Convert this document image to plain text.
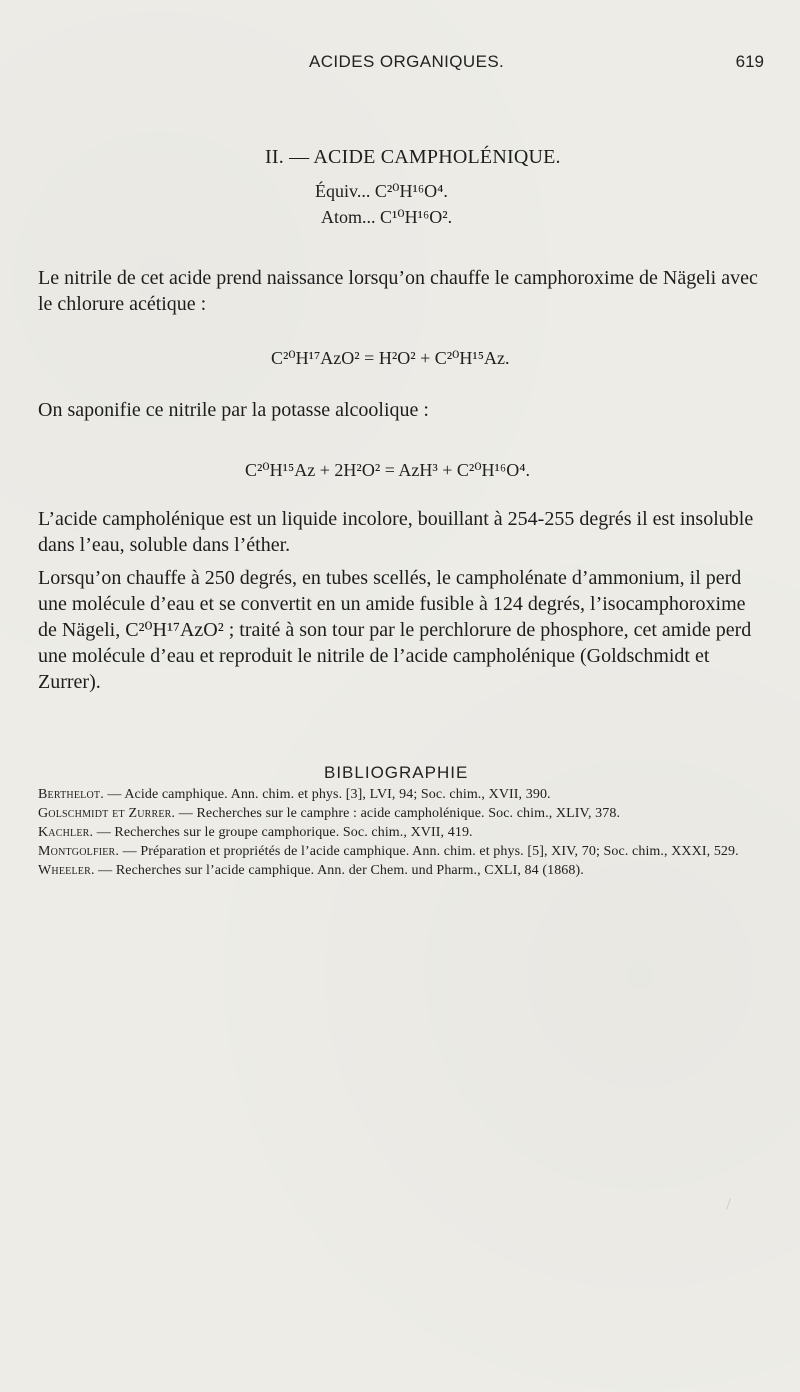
ACIDES ORGANIQUES.	619
II. — ACIDE CAMPHOLÉNIQUE.
Équiv... C²⁰H¹⁶O⁴.
Atom... C¹⁰H¹⁶O².
Le nitrile de cet acide prend naissance lorsqu’on chauffe le camphoroxime de Nägeli avec le chlorure acétique :
C²⁰H¹⁷AzO² = H²O² + C²⁰H¹⁵Az.
On saponifie ce nitrile par la potasse alcoolique :
C²⁰H¹⁵Az + 2H²O² = AzH³ + C²⁰H¹⁶O⁴.
L’acide campholénique est un liquide incolore, bouillant à 254-255 degrés il est insoluble dans l’eau, soluble dans l’éther.
Lorsqu’on chauffe à 250 degrés, en tubes scellés, le campholénate d’ammonium, il perd une molécule d’eau et se convertit en un amide fusible à 124 degrés, l’isocamphoroxime de Nägeli, C²⁰H¹⁷AzO² ; traité à son tour par le perchlorure de phosphore, cet amide perd une molécule d’eau et reproduit le nitrile de l’acide campholénique (Goldschmidt et Zurrer).
BIBLIOGRAPHIE
Berthelot. — Acide camphique. Ann. chim. et phys. [3], LVI, 94; Soc. chim., XVII, 390.
Golschmidt et Zurrer. — Recherches sur le camphre : acide campholénique. Soc. chim., XLIV, 378.
Kachler. — Recherches sur le groupe camphorique. Soc. chim., XVII, 419.
Montgolfier. — Préparation et propriétés de l’acide camphique. Ann. chim. et phys. [5], XIV, 70; Soc. chim., XXXI, 529.
Wheeler. — Recherches sur l’acide camphique. Ann. der Chem. und Pharm., CXLI, 84 (1868).
